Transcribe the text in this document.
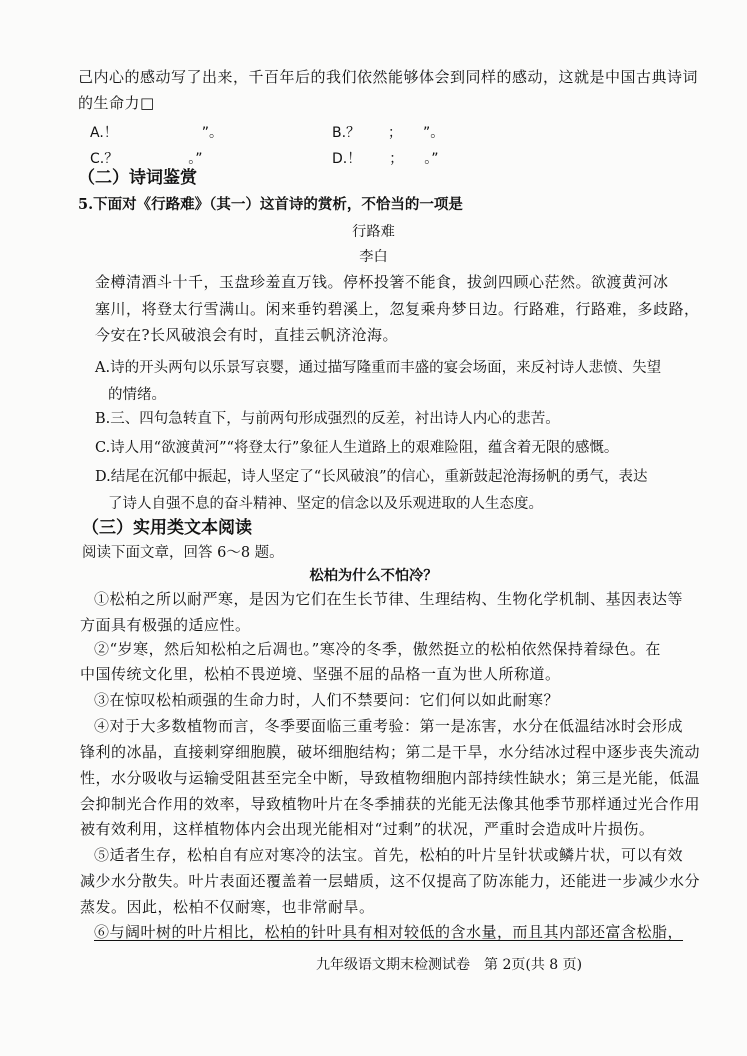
己内心的感动写了出来，千百年后的我们依然能够体会到同样的感动，这就是中国古典诗词
的生命力□
A.！　　　　　　”。	B.？　　；　　”。
C.？　　　　　。”	D.！　　；　　。”
（二）诗词鉴赏
5.下面对《行路难》（其一）这首诗的赏析，不恰当的一项是
行路难
李白
金樽清酒斗十千，玉盘珍羞直万钱。停杯投箸不能食，拔剑四顾心茫然。欲渡黄河冰
塞川，将登太行雪满山。闲来垂钓碧溪上，忽复乘舟梦日边。行路难，行路难，多歧路，
今安在?长风破浪会有时，直挂云帆济沧海。
A.诗的开头两句以乐景写哀婴，通过描写隆重而丰盛的宴会场面，来反衬诗人悲愤、失望
的情绪。
B.三、四句急转直下，与前两句形成强烈的反差，衬出诗人内心的悲苦。
C.诗人用“欲渡黄河”“将登太行”象征人生道路上的艰难险阻，蕴含着无限的感慨。
D.结尾在沉郁中振起，诗人坚定了“长风破浪”的信心，重新鼓起沧海扬帆的勇气，表达
了诗人自强不息的奋斗精神、坚定的信念以及乐观进取的人生态度。
（三）实用类文本阅读
阅读下面文章，回答 6～8 题。
松柏为什么不怕冷？
①松柏之所以耐严寒，是因为它们在生长节律、生理结构、生物化学机制、基因表达等
方面具有极强的适应性。
②“岁寒，然后知松柏之后凋也。”寒冷的冬季，傲然挺立的松柏依然保持着绿色。在
中国传统文化里，松柏不畏逆境、坚强不屈的品格一直为世人所称道。
③在惊叹松柏顽强的生命力时，人们不禁要问：它们何以如此耐寒？
④对于大多数植物而言，冬季要面临三重考验：第一是冻害，水分在低温结冰时会形成
锋利的冰晶，直接刺穿细胞膜，破坏细胞结构；第二是干旱，水分结冰过程中逐步丧失流动
性，水分吸收与运输受阻甚至完全中断，导致植物细胞内部持续性缺水；第三是光能，低温
会抑制光合作用的效率，导致植物叶片在冬季捕获的光能无法像其他季节那样通过光合作用
被有效利用，这样植物体内会出现光能相对“过剩”的状况，严重时会造成叶片损伤。
⑤适者生存，松柏自有应对寒冷的法宝。首先，松柏的叶片呈针状或鳞片状，可以有效
减少水分散失。叶片表面还覆盖着一层蜡质，这不仅提高了防冻能力，还能进一步减少水分
蒸发。因此，松柏不仅耐寒，也非常耐旱。
⑥与阔叶树的叶片相比，松柏的针叶具有相对较低的含水量，而且其内部还富含松脂，
九年级语文期末检测试卷　第 2页(共 8 页)
